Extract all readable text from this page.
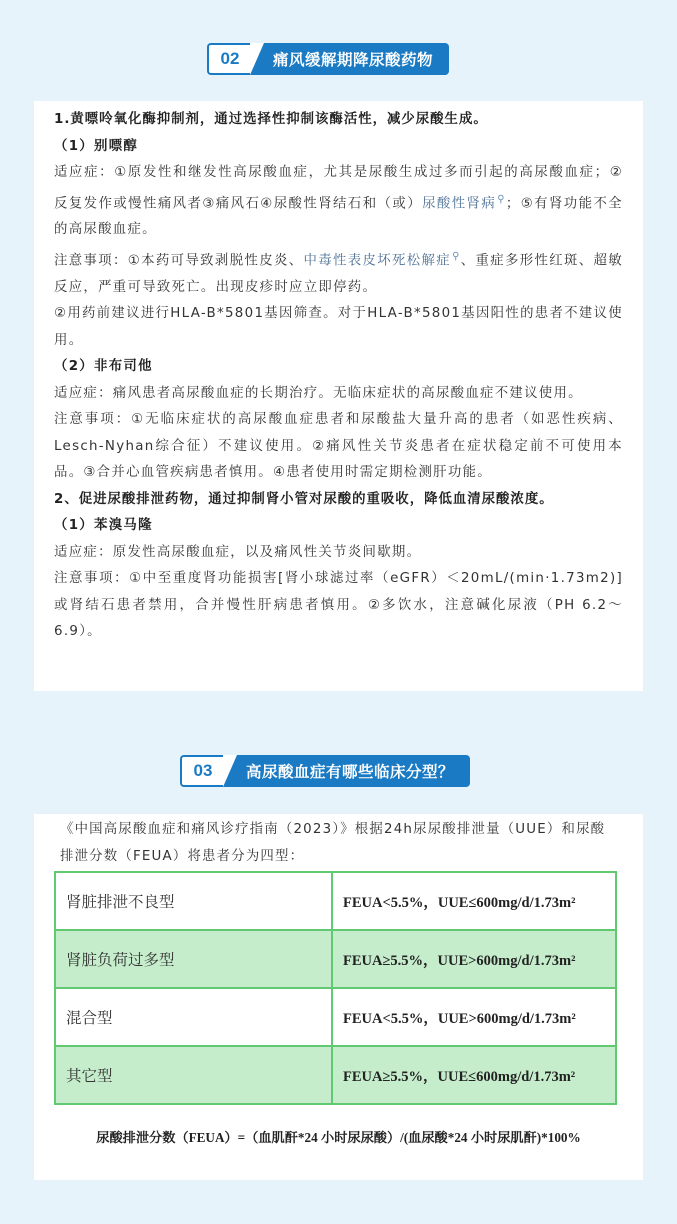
02	痛风缓解期降尿酸药物

1.黄嘌呤氧化酶抑制剂，通过选择性抑制该酶活性，减少尿酸生成。

（1）别嘌醇

适应症：①原发性和继发性高尿酸血症，尤其是尿酸生成过多而引起的高尿酸血症；②反复发作或慢性痛风者③痛风石④尿酸性肾结石和（或）尿酸性肾病⚲；⑤有肾功能不全的高尿酸血症。

注意事项：①本药可导致剥脱性皮炎、中毒性表皮坏死松解症⚲、重症多形性红斑、超敏反应，严重可导致死亡。出现皮疹时应立即停药。

②用药前建议进行HLA-B*5801基因筛查。对于HLA-B*5801基因阳性的患者不建议使用。

（2）非布司他

适应症：痛风患者高尿酸血症的长期治疗。无临床症状的高尿酸血症不建议使用。

注意事项：①无临床症状的高尿酸血症患者和尿酸盐大量升高的患者（如恶性疾病、Lesch-Nyhan综合征）不建议使用。②痛风性关节炎患者在症状稳定前不可使用本品。③合并心血管疾病患者慎用。④患者使用时需定期检测肝功能。

2、促进尿酸排泄药物，通过抑制肾小管对尿酸的重吸收，降低血清尿酸浓度。

（1）苯溴马隆

适应症：原发性高尿酸血症，以及痛风性关节炎间歇期。

注意事项：①中至重度肾功能损害[肾小球滤过率（eGFR）＜20mL/(min·1.73m2)]或肾结石患者禁用，合并慢性肝病患者慎用。②多饮水，注意碱化尿液（PH 6.2～6.9）。

03	高尿酸血症有哪些临床分型？

《中国高尿酸血症和痛风诊疗指南（2023）》根据24h尿尿酸排泄量（UUE）和尿酸排泄分数（FEUA）将患者分为四型：

肾脏排泄不良型	FEUA<5.5%，UUE≤600mg/d/1.73m²
肾脏负荷过多型	FEUA≥5.5%，UUE>600mg/d/1.73m²
混合型	FEUA<5.5%，UUE>600mg/d/1.73m²
其它型	FEUA≥5.5%，UUE≤600mg/d/1.73m²

尿酸排泄分数（FEUA）=（血肌酐*24 小时尿尿酸）/(血尿酸*24 小时尿肌酐)*100%
